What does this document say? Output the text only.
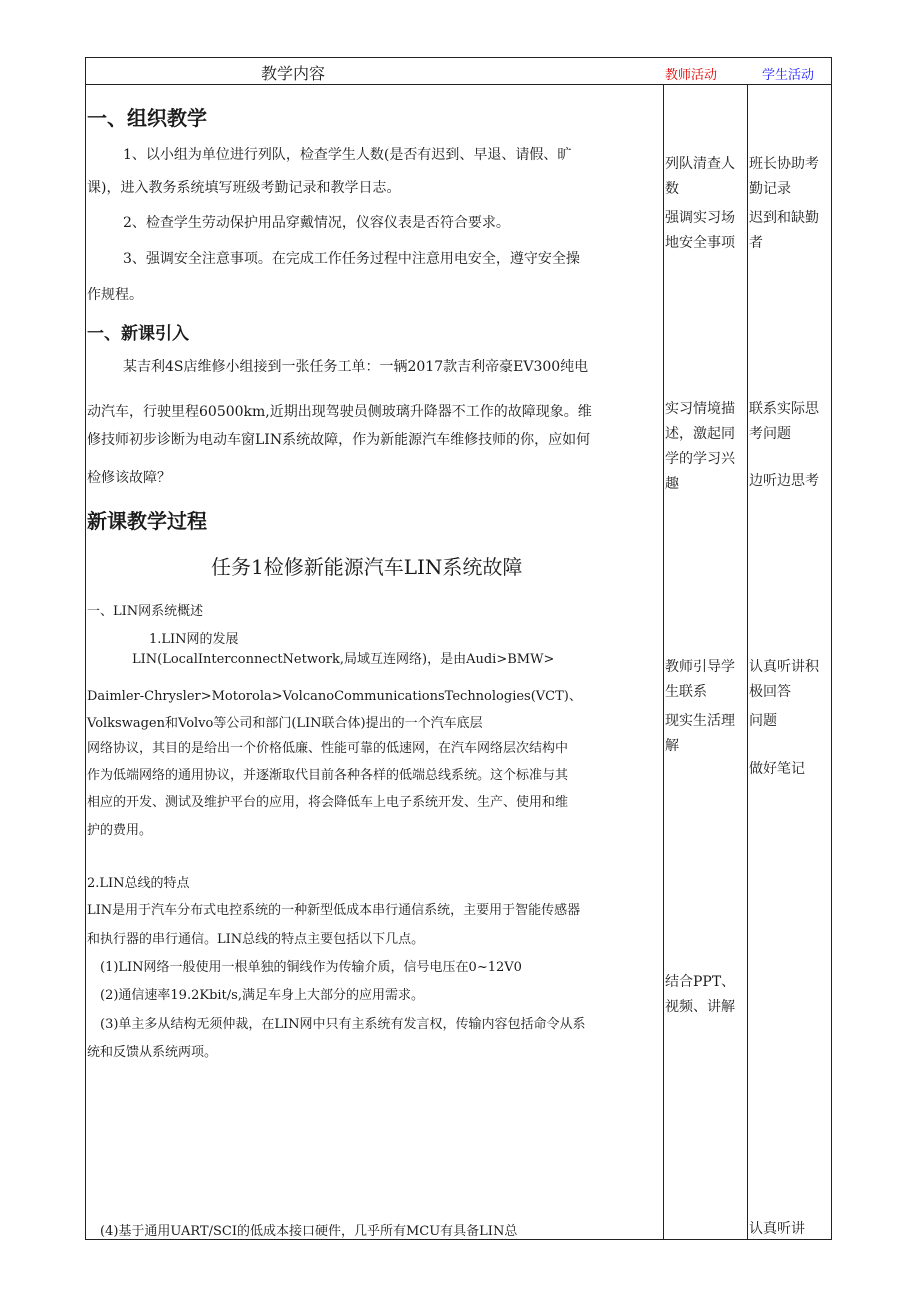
教学内容	教师活动	学生活动
一、组织教学
1、以小组为单位进行列队，检查学生人数(是否有迟到、早退、请假、旷
课)，进入教务系统填写班级考勤记录和教学日志。
2、检查学生劳动保护用品穿戴情况，仪容仪表是否符合要求。
3、强调安全注意事项。在完成工作任务过程中注意用电安全，遵守安全操
作规程。
一、新课引入
某吉利4S店维修小组接到一张任务工单：一辆2017款吉利帝豪EV300纯电
动汽车，行驶里程60500km,近期出现驾驶员侧玻璃升降器不工作的故障现象。维
修技师初步诊断为电动车窗LIN系统故障，作为新能源汽车维修技师的你，应如何
检修该故障？
新课教学过程
任务1检修新能源汽车LIN系统故障
一、LIN网系统概述
1.LIN网的发展
LIN(LocalInterconnectNetwork,局域互连网络)，是由Audi>BMW>
Daimler-Chrysler>Motorola>VolcanoCommunicationsTechnologies(VCT)、
Volkswagen和Volvo等公司和部门(LIN联合体)提出的一个汽车底层
网络协议，其目的是给出一个价格低廉、性能可靠的低速网，在汽车网络层次结构中
作为低端网络的通用协议，并逐渐取代目前各种各样的低端总线系统。这个标准与其
相应的开发、测试及维护平台的应用，将会降低车上电子系统开发、生产、使用和维
护的费用。
2.LIN总线的特点
LIN是用于汽车分布式电控系统的一种新型低成本串行通信系统，主要用于智能传感器
和执行器的串行通信。LIN总线的特点主要包括以下几点。
(1)LIN网络一般使用一根单独的铜线作为传输介质，信号电压在0~12V0
(2)通信速率19.2Kbit/s,满足车身上大部分的应用需求。
(3)单主多从结构无须仲裁，在LIN网中只有主系统有发言权，传输内容包括命令从系
统和反馈从系统两项。
(4)基于通用UART/SCI的低成本接口硬件，几乎所有MCU有具备LIN总
列队清查人数
强调实习场地安全事项
实习情境描述，激起同学的学习兴趣
教师引导学生联系
现实生活理解
结合PPT、视频、讲解
班长协助考勤记录
迟到和缺勤者
联系实际思考问题
边听边思考
认真听讲积极回答
问题
做好笔记
认真听讲
